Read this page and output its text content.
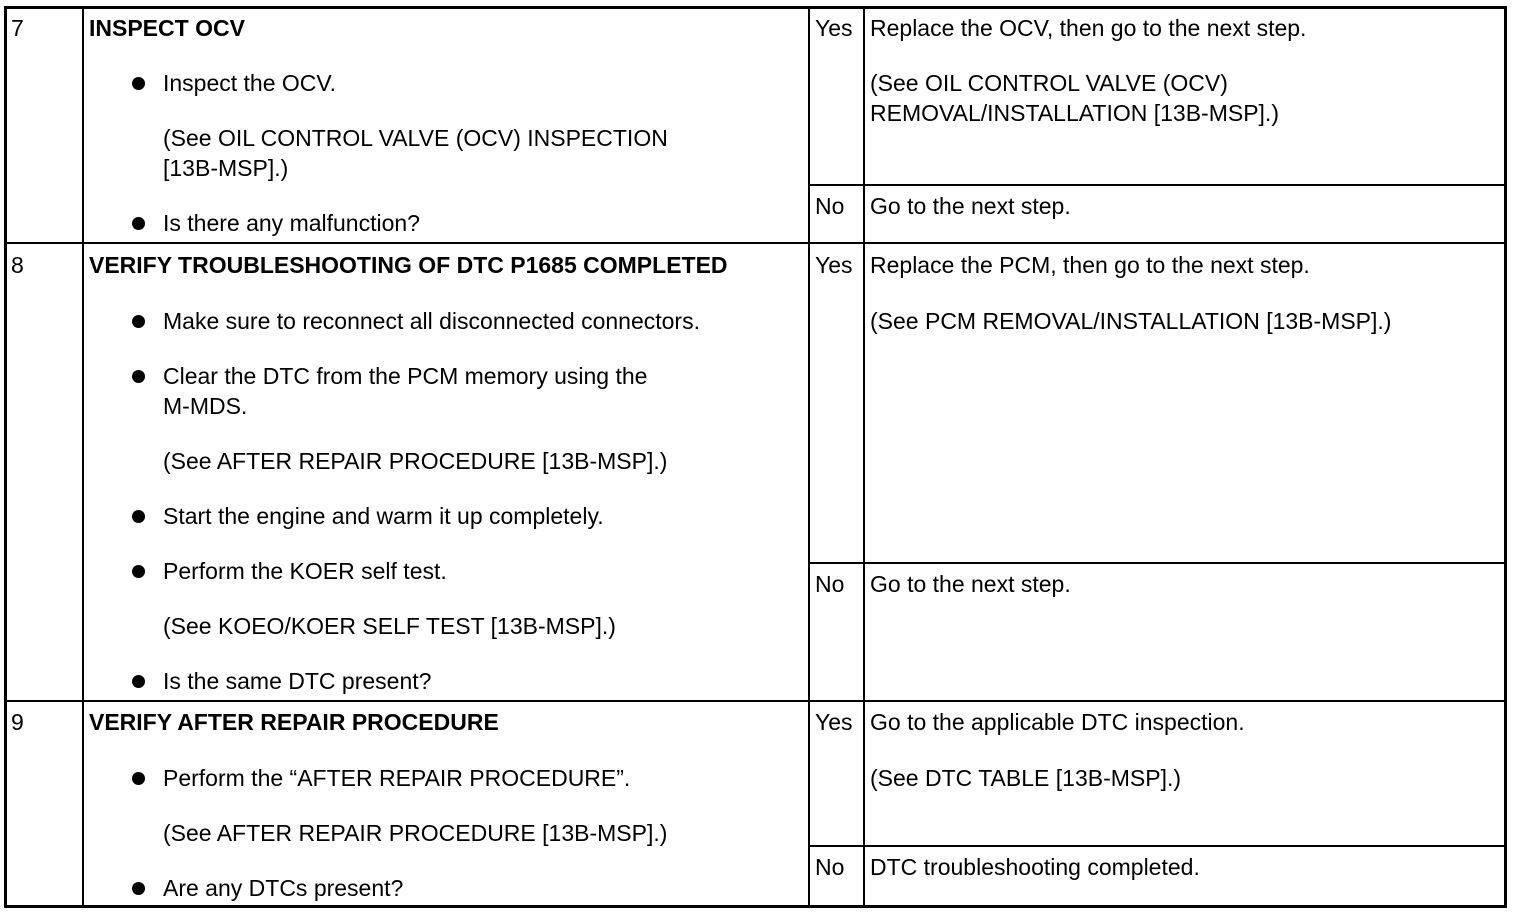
7	INSPECT OCV
Inspect the OCV.
(See OIL CONTROL VALVE (OCV) INSPECTION
[13B-MSP].)
Is there any malfunction?
Yes Replace the OCV, then go to the next step.
(See OIL CONTROL VALVE (OCV)
REMOVAL/INSTALLATION [13B-MSP].)
No Go to the next step.
8	VERIFY TROUBLESHOOTING OF DTC P1685 COMPLETED
Make sure to reconnect all disconnected connectors.
Clear the DTC from the PCM memory using the
M-MDS.
(See AFTER REPAIR PROCEDURE [13B-MSP].)
Start the engine and warm it up completely.
Perform the KOER self test.
(See KOEO/KOER SELF TEST [13B-MSP].)
Is the same DTC present?
Yes Replace the PCM, then go to the next step.
(See PCM REMOVAL/INSTALLATION [13B-MSP].)
No Go to the next step.
9	VERIFY AFTER REPAIR PROCEDURE
Perform the “AFTER REPAIR PROCEDURE”.
(See AFTER REPAIR PROCEDURE [13B-MSP].)
Are any DTCs present?
Yes Go to the applicable DTC inspection.
(See DTC TABLE [13B-MSP].)
No DTC troubleshooting completed.
